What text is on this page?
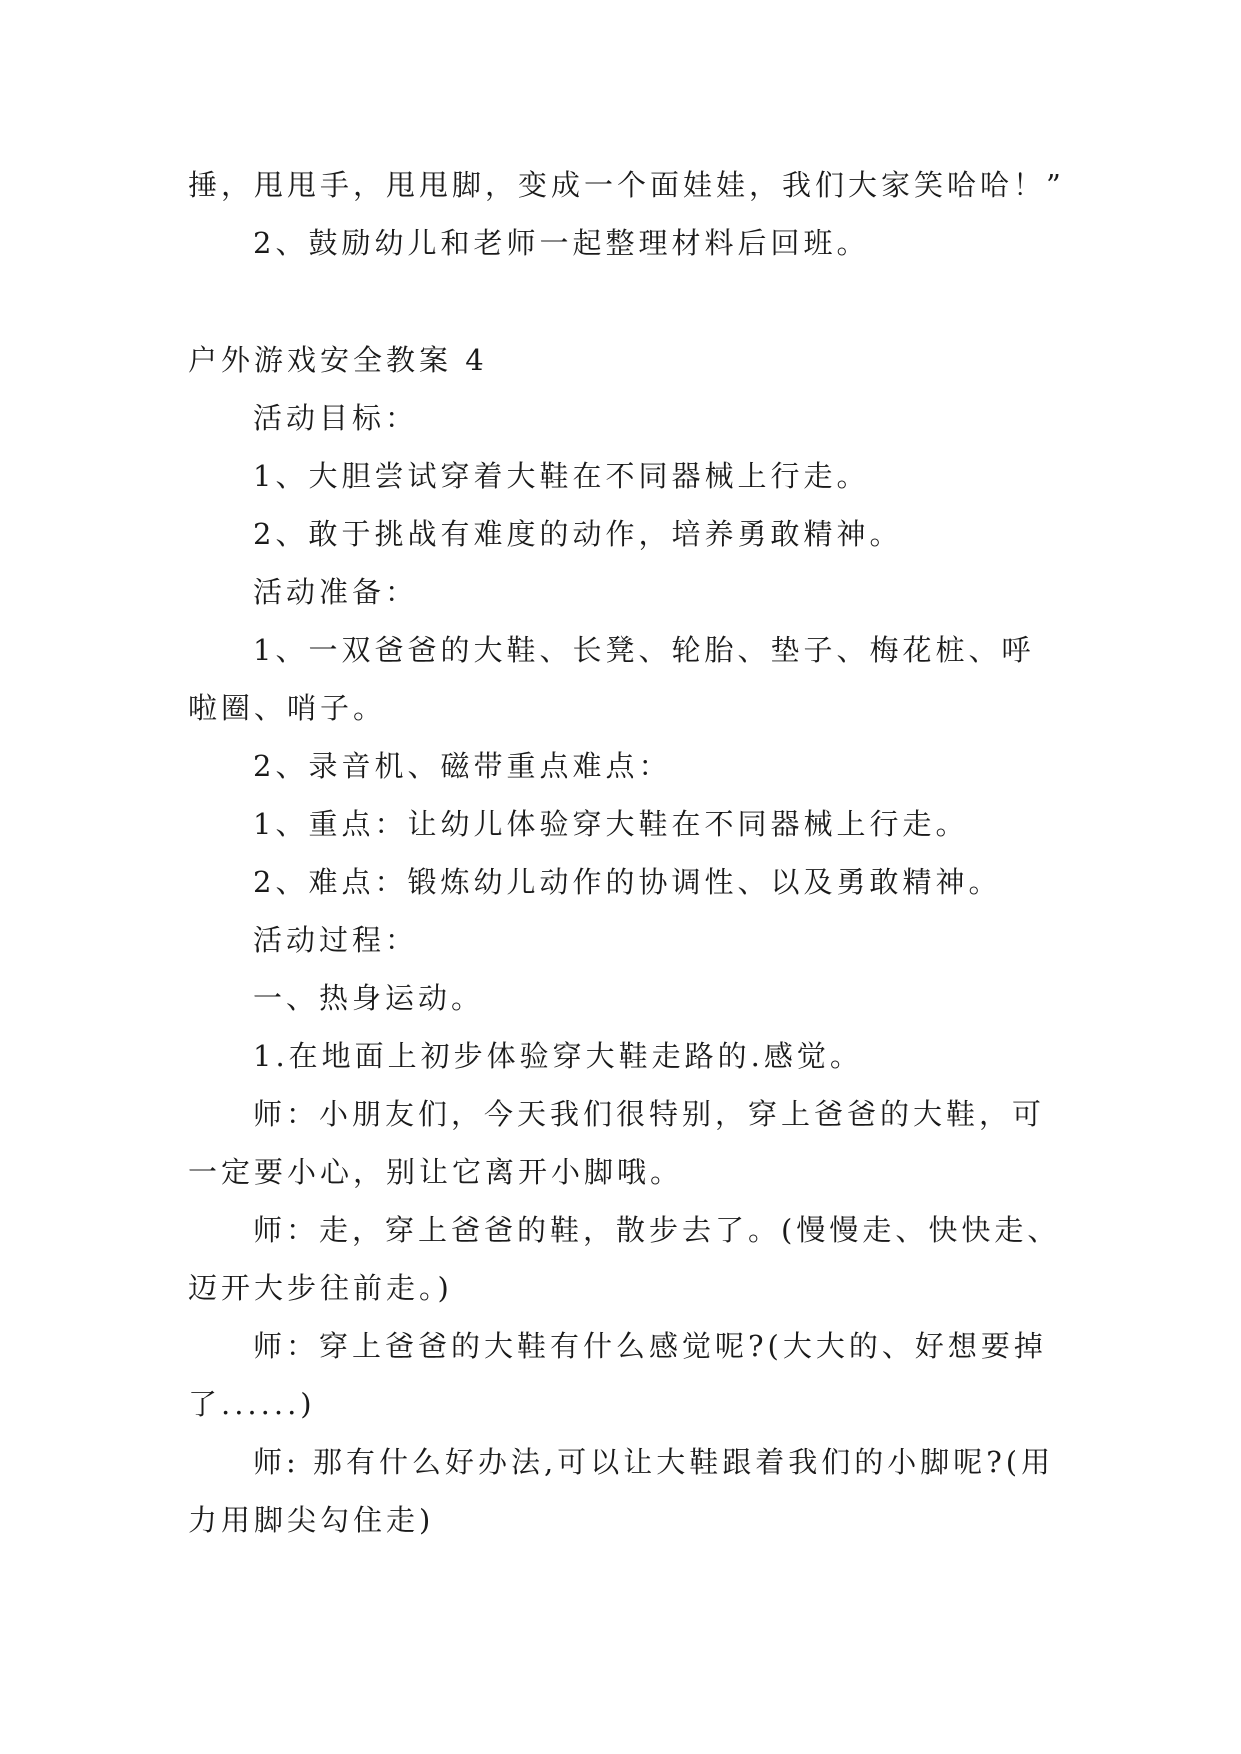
捶，甩甩手，甩甩脚，变成一个面娃娃，我们大家笑哈哈！”
2、鼓励幼儿和老师一起整理材料后回班。
户外游戏安全教案 4
活动目标：
1、大胆尝试穿着大鞋在不同器械上行走。
2、敢于挑战有难度的动作，培养勇敢精神。
活动准备：
1、一双爸爸的大鞋、长凳、轮胎、垫子、梅花桩、呼
啦圈、哨子。
2、录音机、磁带重点难点：
1、重点：让幼儿体验穿大鞋在不同器械上行走。
2、难点：锻炼幼儿动作的协调性、以及勇敢精神。
活动过程：
一、热身运动。
1.在地面上初步体验穿大鞋走路的.感觉。
师：小朋友们，今天我们很特别，穿上爸爸的大鞋，可
一定要小心，别让它离开小脚哦。
师：走，穿上爸爸的鞋，散步去了。(慢慢走、快快走、
迈开大步往前走。)
师：穿上爸爸的大鞋有什么感觉呢?(大大的、好想要掉
了......)
师: 那有什么好办法,可以让大鞋跟着我们的小脚呢?(用
力用脚尖勾住走)
